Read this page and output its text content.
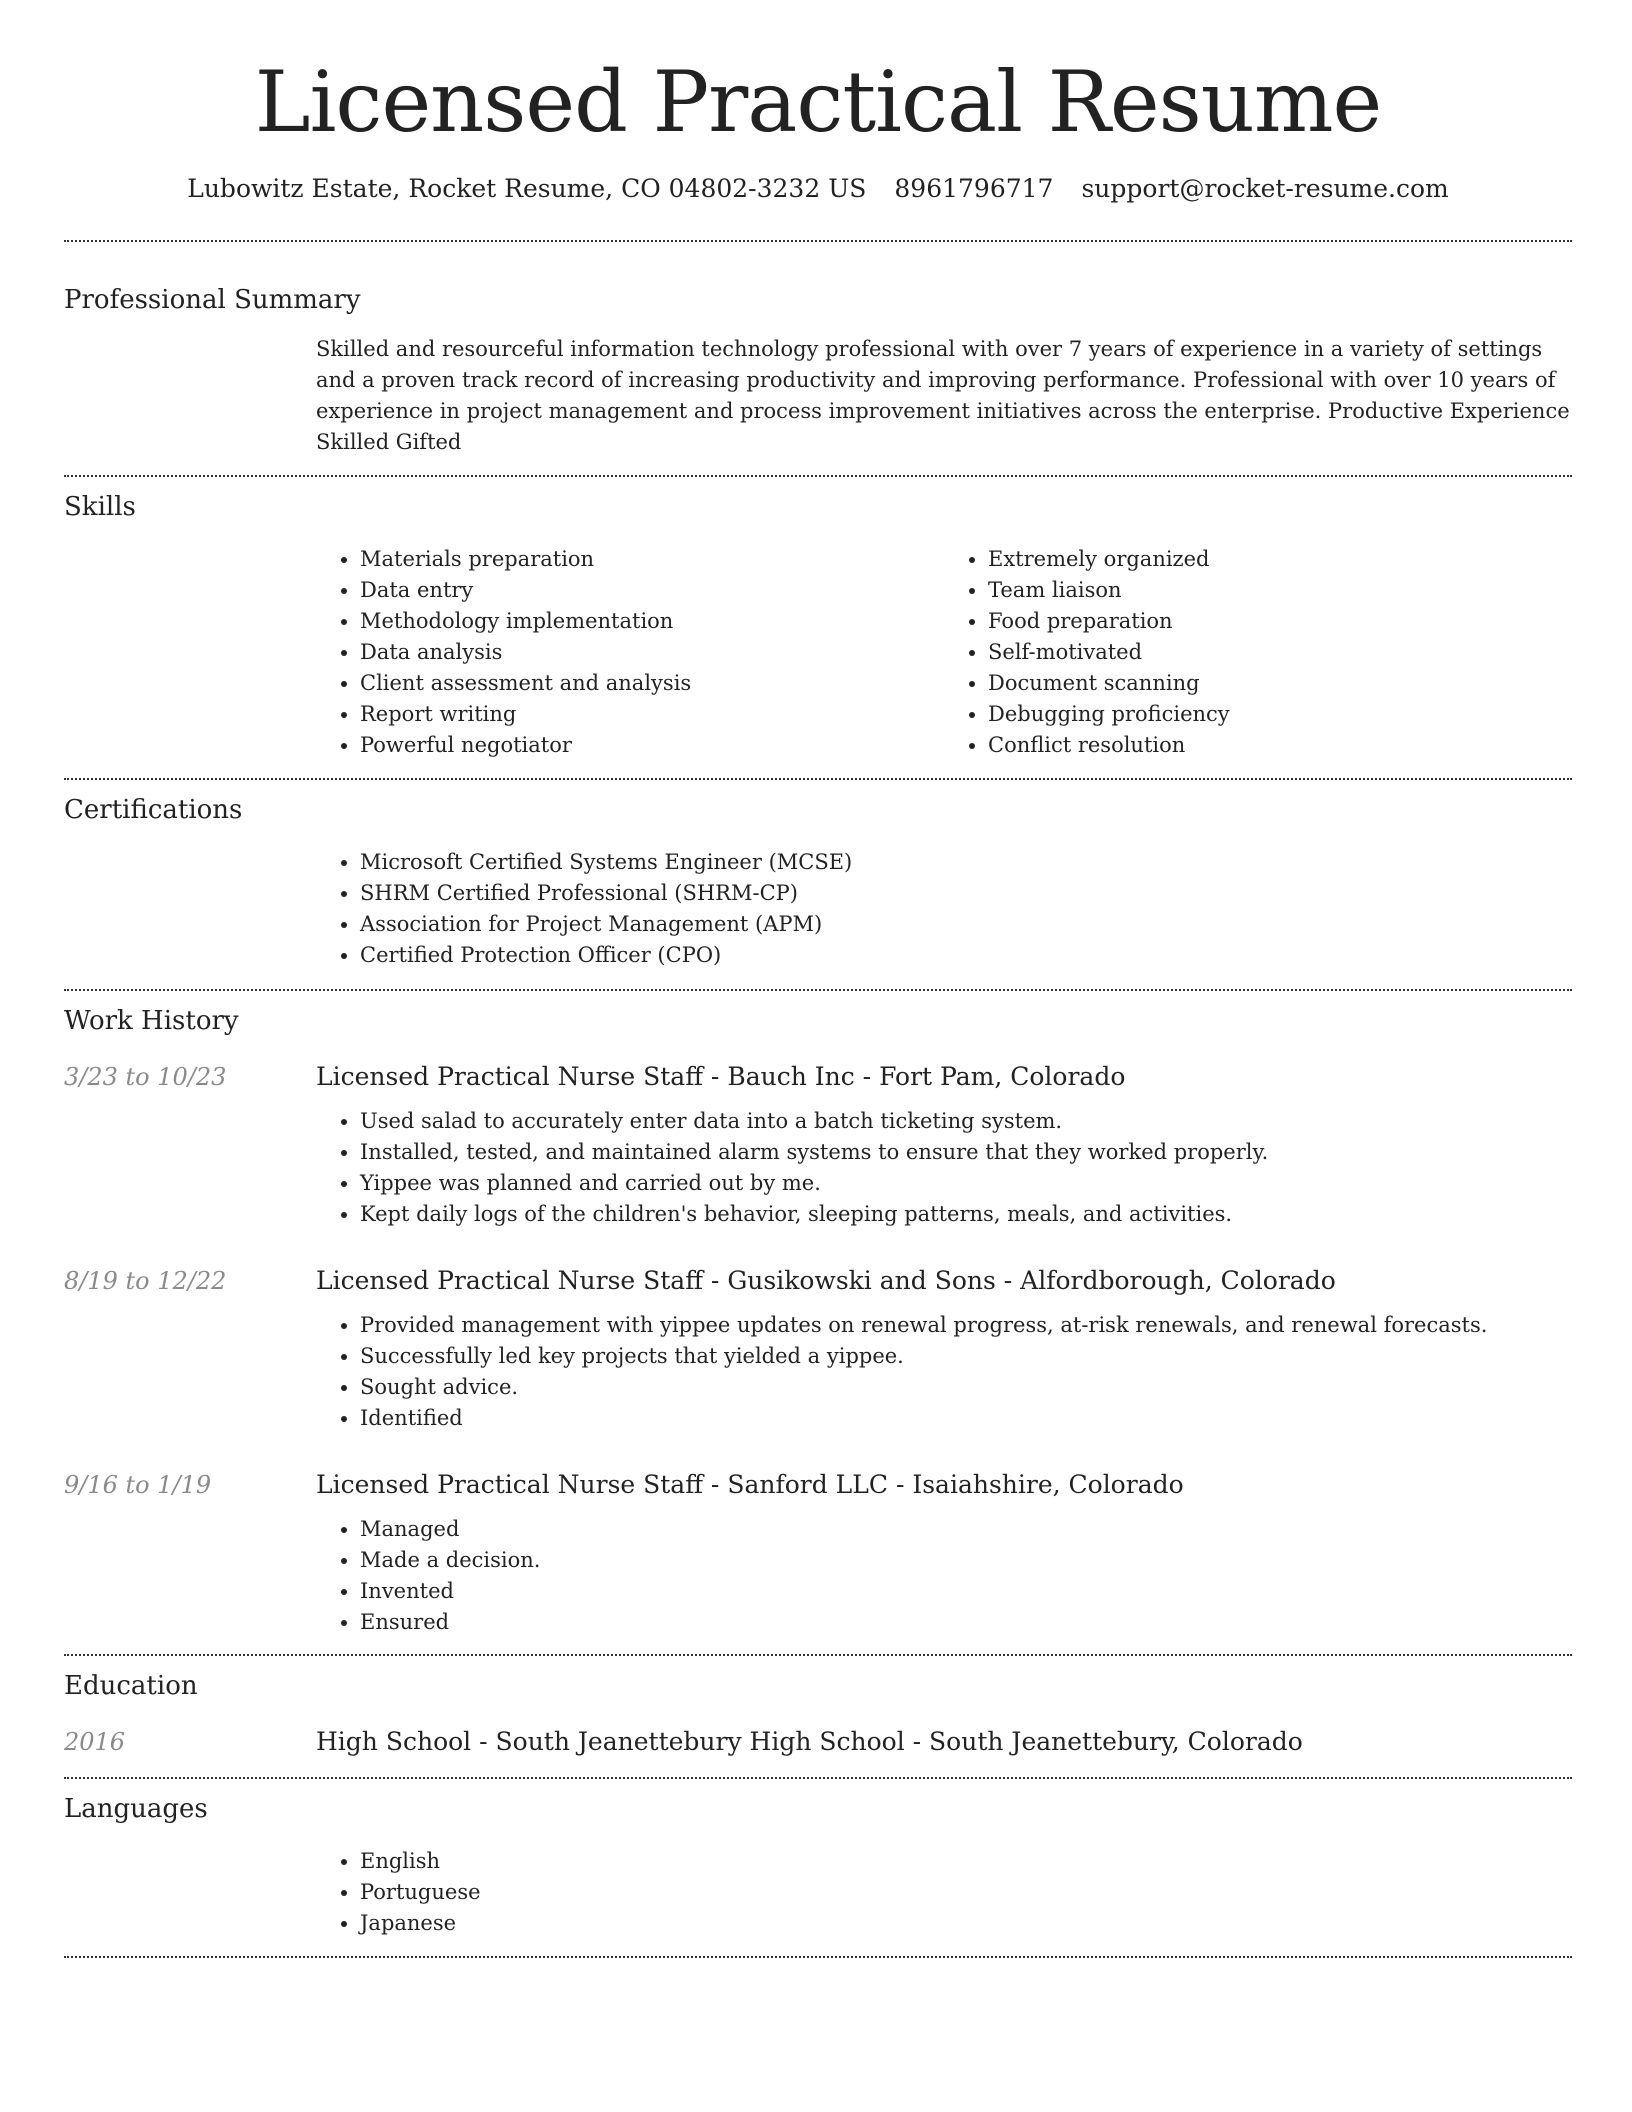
Licensed Practical Resume
Lubowitz Estate, Rocket Resume, CO 04802-3232 US 8961796717 support@rocket-resume.com
Professional Summary
Skilled and resourceful information technology professional with over 7 years of experience in a variety of settings and a proven track record of increasing productivity and improving performance. Professional with over 10 years of experience in project management and process improvement initiatives across the enterprise. Productive Experience Skilled Gifted
Skills
• Materials preparation
• Data entry
• Methodology implementation
• Data analysis
• Client assessment and analysis
• Report writing
• Powerful negotiator
• Extremely organized
• Team liaison
• Food preparation
• Self-motivated
• Document scanning
• Debugging proficiency
• Conflict resolution
Certifications
• Microsoft Certified Systems Engineer (MCSE)
• SHRM Certified Professional (SHRM-CP)
• Association for Project Management (APM)
• Certified Protection Officer (CPO)
Work History
3/23 to 10/23	Licensed Practical Nurse Staff - Bauch Inc - Fort Pam, Colorado
• Used salad to accurately enter data into a batch ticketing system.
• Installed, tested, and maintained alarm systems to ensure that they worked properly.
• Yippee was planned and carried out by me.
• Kept daily logs of the children's behavior, sleeping patterns, meals, and activities.
8/19 to 12/22	Licensed Practical Nurse Staff - Gusikowski and Sons - Alfordborough, Colorado
• Provided management with yippee updates on renewal progress, at-risk renewals, and renewal forecasts.
• Successfully led key projects that yielded a yippee.
• Sought advice.
• Identified
9/16 to 1/19	Licensed Practical Nurse Staff - Sanford LLC - Isaiahshire, Colorado
• Managed
• Made a decision.
• Invented
• Ensured
Education
2016	High School - South Jeanettebury High School - South Jeanettebury, Colorado
Languages
• English
• Portuguese
• Japanese
